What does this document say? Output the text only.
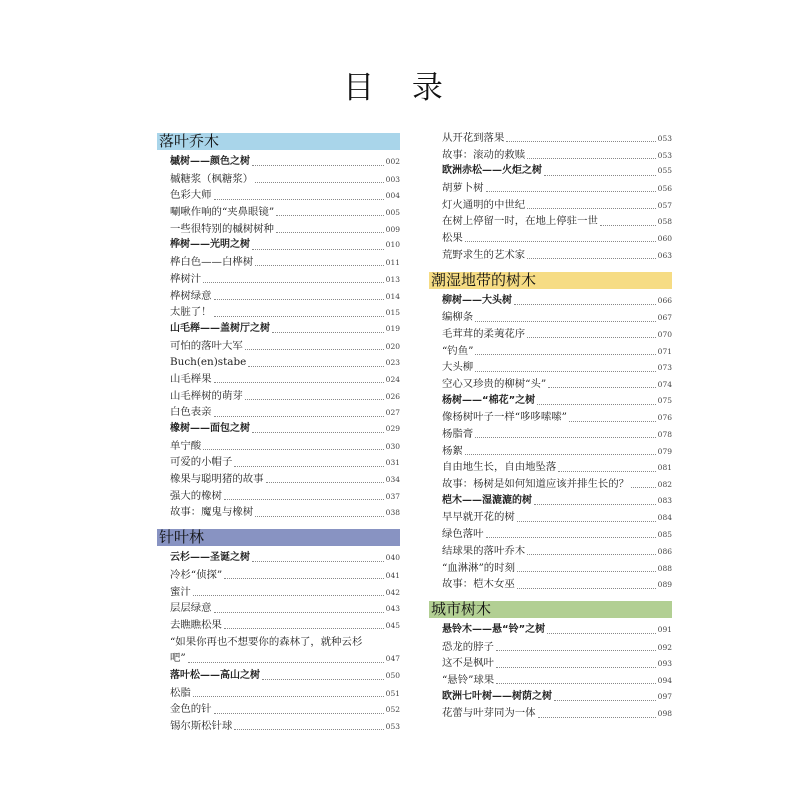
目 录
落叶乔木
槭树——颜色之树	002
槭糖浆（枫糖浆）	003
色彩大师	004
唰啾作响的“夹鼻眼镜”	005
一些很特别的槭树树种	009
桦树——光明之树	010
桦白色——白桦树	011
桦树汁	013
桦树绿意	014
太脏了！	015
山毛榉——盖树厅之树	019
可怕的落叶大军	020
Buch(en)stabe	023
山毛榉果	024
山毛榉树的萌芽	026
白色表亲	027
橡树——面包之树	029
单宁酸	030
可爱的小帽子	031
橡果与聪明猪的故事	034
强大的橡树	037
故事：魔鬼与橡树	038
针叶林
云杉——圣诞之树	040
冷杉“侦探”	041
蜜汁	042
层层绿意	043
去瞧瞧松果	045
“如果你再也不想要你的森林了，就种云杉
吧”	047
落叶松——高山之树	050
松脂	051
金色的针	052
锡尔斯松针球	053
从开花到落果	053
故事：滚动的救赎	053
欧洲赤松——火炬之树	055
胡萝卜树	056
灯火通明的中世纪	057
在树上停留一时，在地上停驻一世	058
松果	060
荒野求生的艺术家	063
潮湿地带的树木
柳树——大头树	066
编柳条	067
毛茸茸的柔荑花序	070
“钓鱼”	071
大头柳	073
空心又珍贵的柳树“头”	074
杨树——“棉花”之树	075
像杨树叶子一样“哆哆嗦嗦”	076
杨脂膏	078
杨絮	079
自由地生长，自由地坠落	081
故事：杨树是如何知道应该并排生长的？	082
桤木——湿漉漉的树	083
早早就开花的树	084
绿色落叶	085
结球果的落叶乔木	086
“血淋淋”的时刻	088
故事：桤木女巫	089
城市树木
悬铃木——悬“铃”之树	091
恐龙的脖子	092
这不是枫叶	093
“悬铃”球果	094
欧洲七叶树——树荫之树	097
花蕾与叶芽同为一体	098
